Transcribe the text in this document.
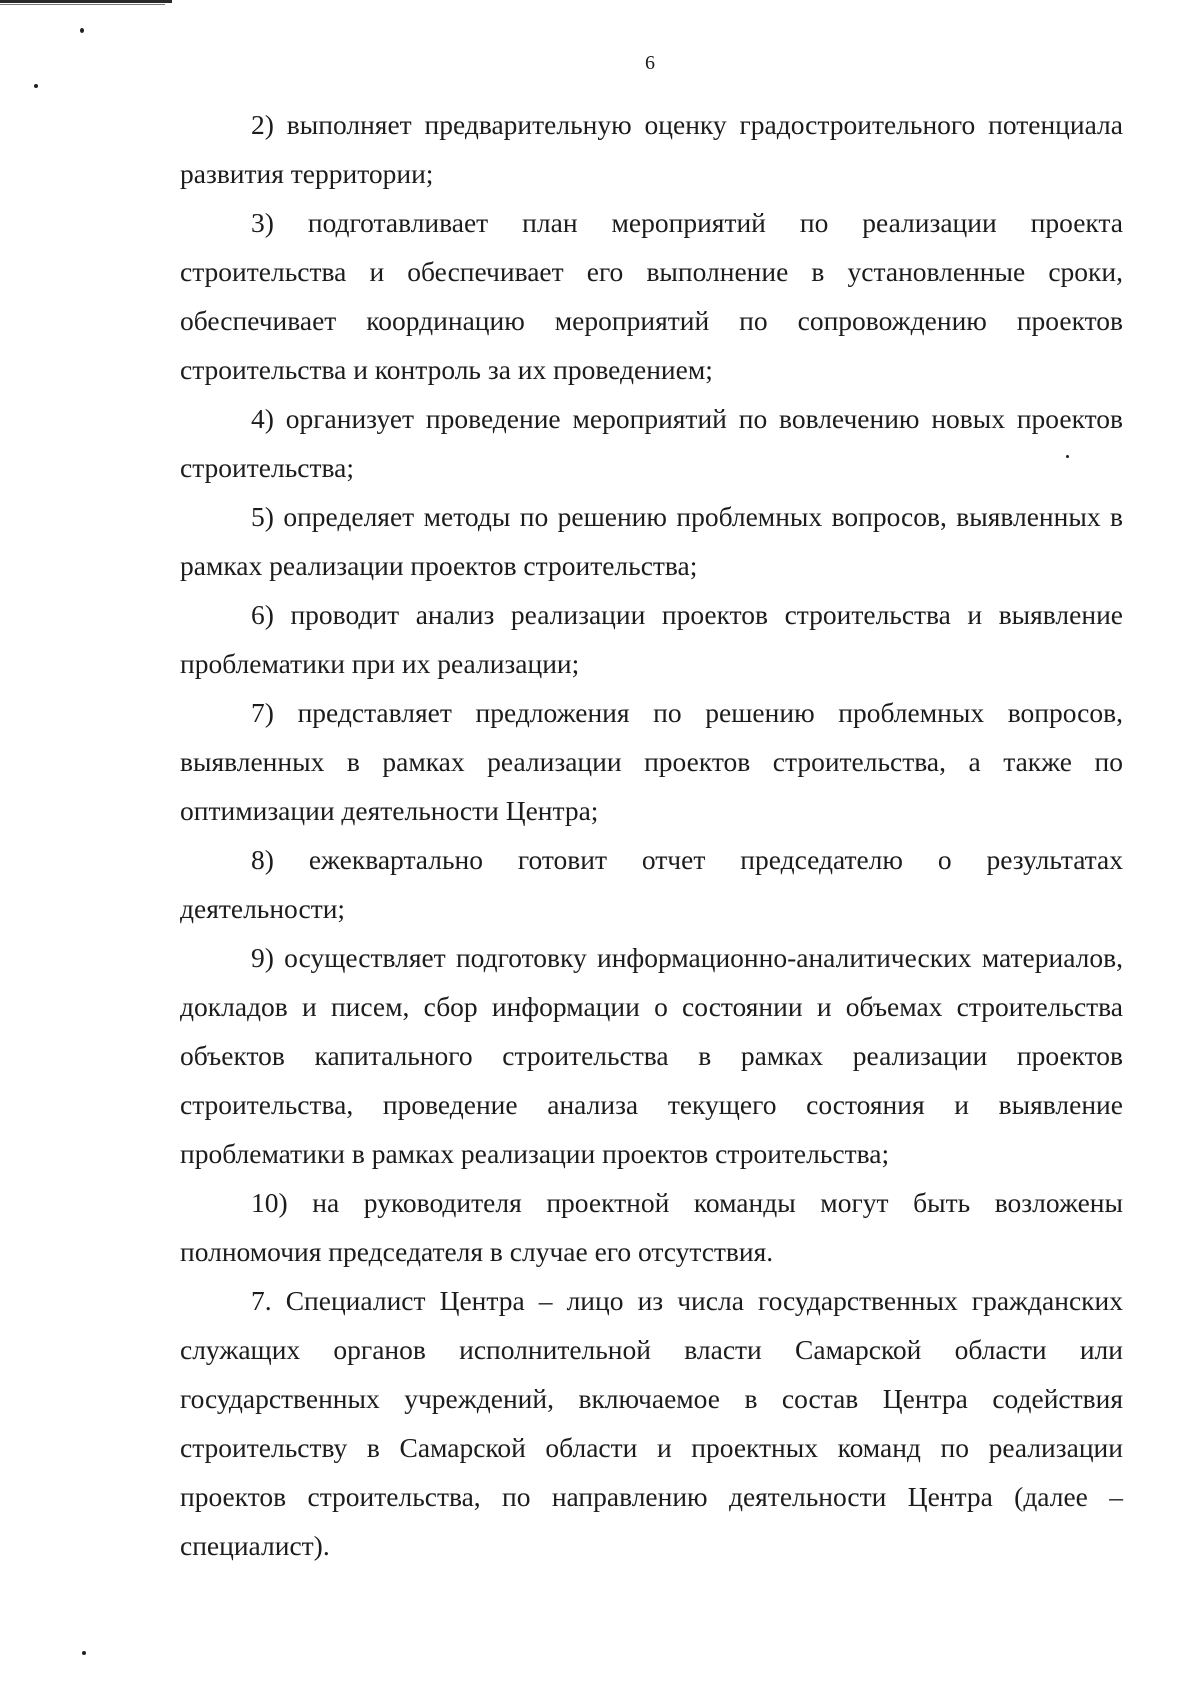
6

2) выполняет предварительную оценку градостроительного потенциала развития территории;

3) подготавливает план мероприятий по реализации проекта строительства и обеспечивает его выполнение в установленные сроки, обеспечивает координацию мероприятий по сопровождению проектов строительства и контроль за их проведением;

4) организует проведение мероприятий по вовлечению новых проектов строительства;

5) определяет методы по решению проблемных вопросов, выявленных в рамках реализации проектов строительства;

6) проводит анализ реализации проектов строительства и выявление проблематики при их реализации;

7) представляет предложения по решению проблемных вопросов, выявленных в рамках реализации проектов строительства, а также по оптимизации деятельности Центра;

8) ежеквартально готовит отчет председателю о результатах деятельности;

9) осуществляет подготовку информационно-аналитических материалов, докладов и писем, сбор информации о состоянии и объемах строительства объектов капитального строительства в рамках реализации проектов строительства, проведение анализа текущего состояния и выявление проблематики в рамках реализации проектов строительства;

10) на руководителя проектной команды могут быть возложены полномочия председателя в случае его отсутствия.

7. Специалист Центра – лицо из числа государственных гражданских служащих органов исполнительной власти Самарской области или государственных учреждений, включаемое в состав Центра содействия строительству в Самарской области и проектных команд по реализации проектов строительства, по направлению деятельности Центра (далее – специалист).
